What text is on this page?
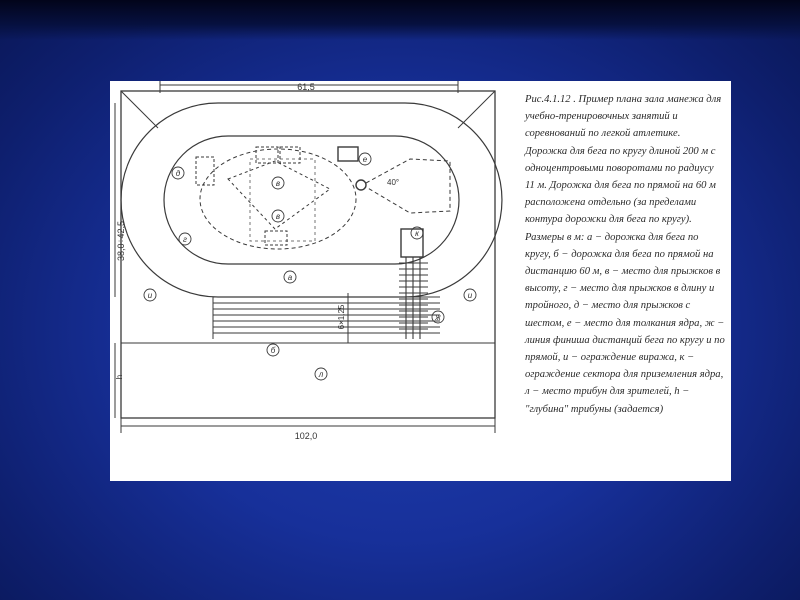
61,5
102,0
38,0÷42,5
6×1,25
h
40°
а
б
в
в
г
д
е
ж
и	и
к
л

Рис.4.1.12 . Пример плана зала манежа для учебно-тренировочных занятий и соревнований по легкой атлетике. Дорожка для бега по кругу длиной 200 м с одноцентровыми поворотами по радиусу 11 м. Дорожка для бега по прямой на 60 м расположена отдельно (за пределами контура дорожки для бега по кругу). Размеры в м: а − дорожка для бега по кругу, б − дорожка для бега по прямой на дистанцию 60 м, в − место для прыжков в высоту, г − место для прыжков в длину и тройного, д − место для прыжков с шестом, е − место для толкания ядра, ж − линия финиша дистанций бега по кругу и по прямой, и − ограждение виража, к − ограждение сектора для приземления ядра, л − место трибун для зрителей, h − "глубина" трибуны (задается)
